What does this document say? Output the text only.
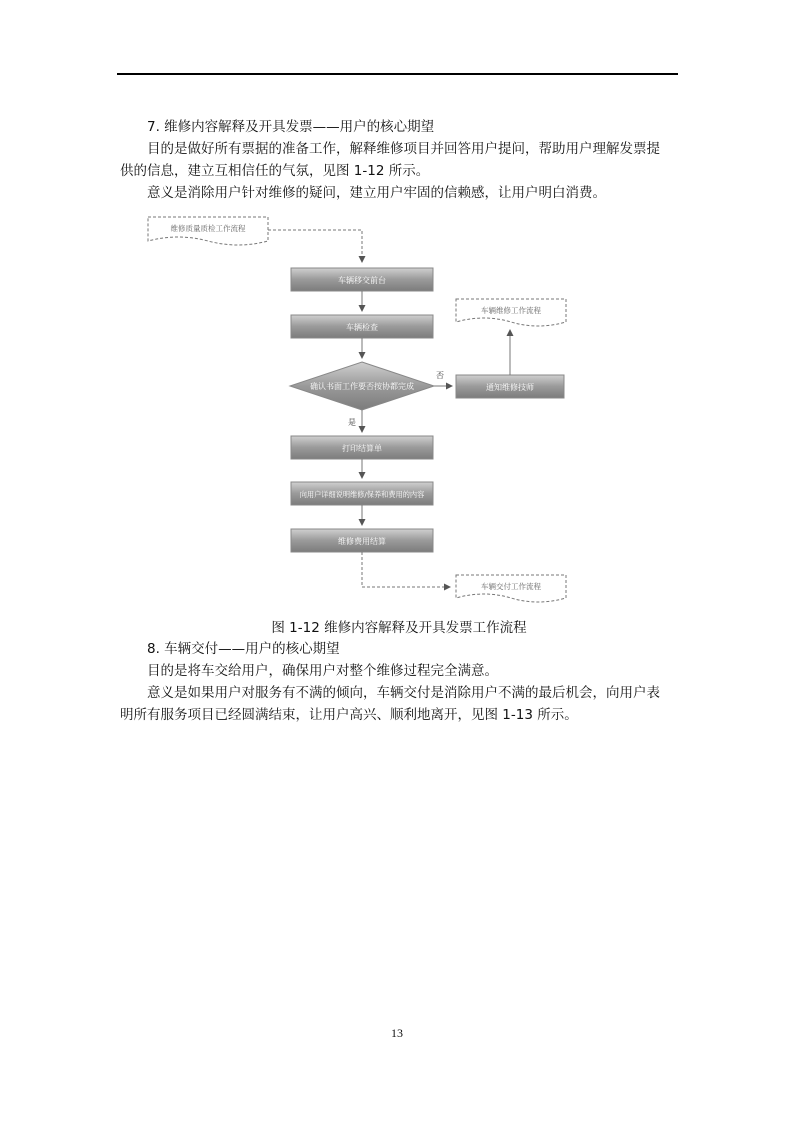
7. 维修内容解释及开具发票——用户的核心期望

目的是做好所有票据的准备工作，解释维修项目并回答用户提问，帮助用户理解发票提

供的信息，建立互相信任的气氛，见图 1-12 所示。

意义是消除用户针对维修的疑问，建立用户牢固的信赖感，让用户明白消费。

维修质量质检工作流程
车辆移交前台
车辆检查
确认书面工作要否按协都完成
否
通知维修技师
车辆维修工作流程
是
打印结算单
向用户详细说明维修/保养和费用的内容
维修费用结算
车辆交付工作流程
图 1-12 维修内容解释及开具发票工作流程

8. 车辆交付——用户的核心期望

目的是将车交给用户，确保用户对整个维修过程完全满意。

意义是如果用户对服务有不满的倾向，车辆交付是消除用户不满的最后机会，向用户表

明所有服务项目已经圆满结束，让用户高兴、顺利地离开，见图 1-13 所示。

13
